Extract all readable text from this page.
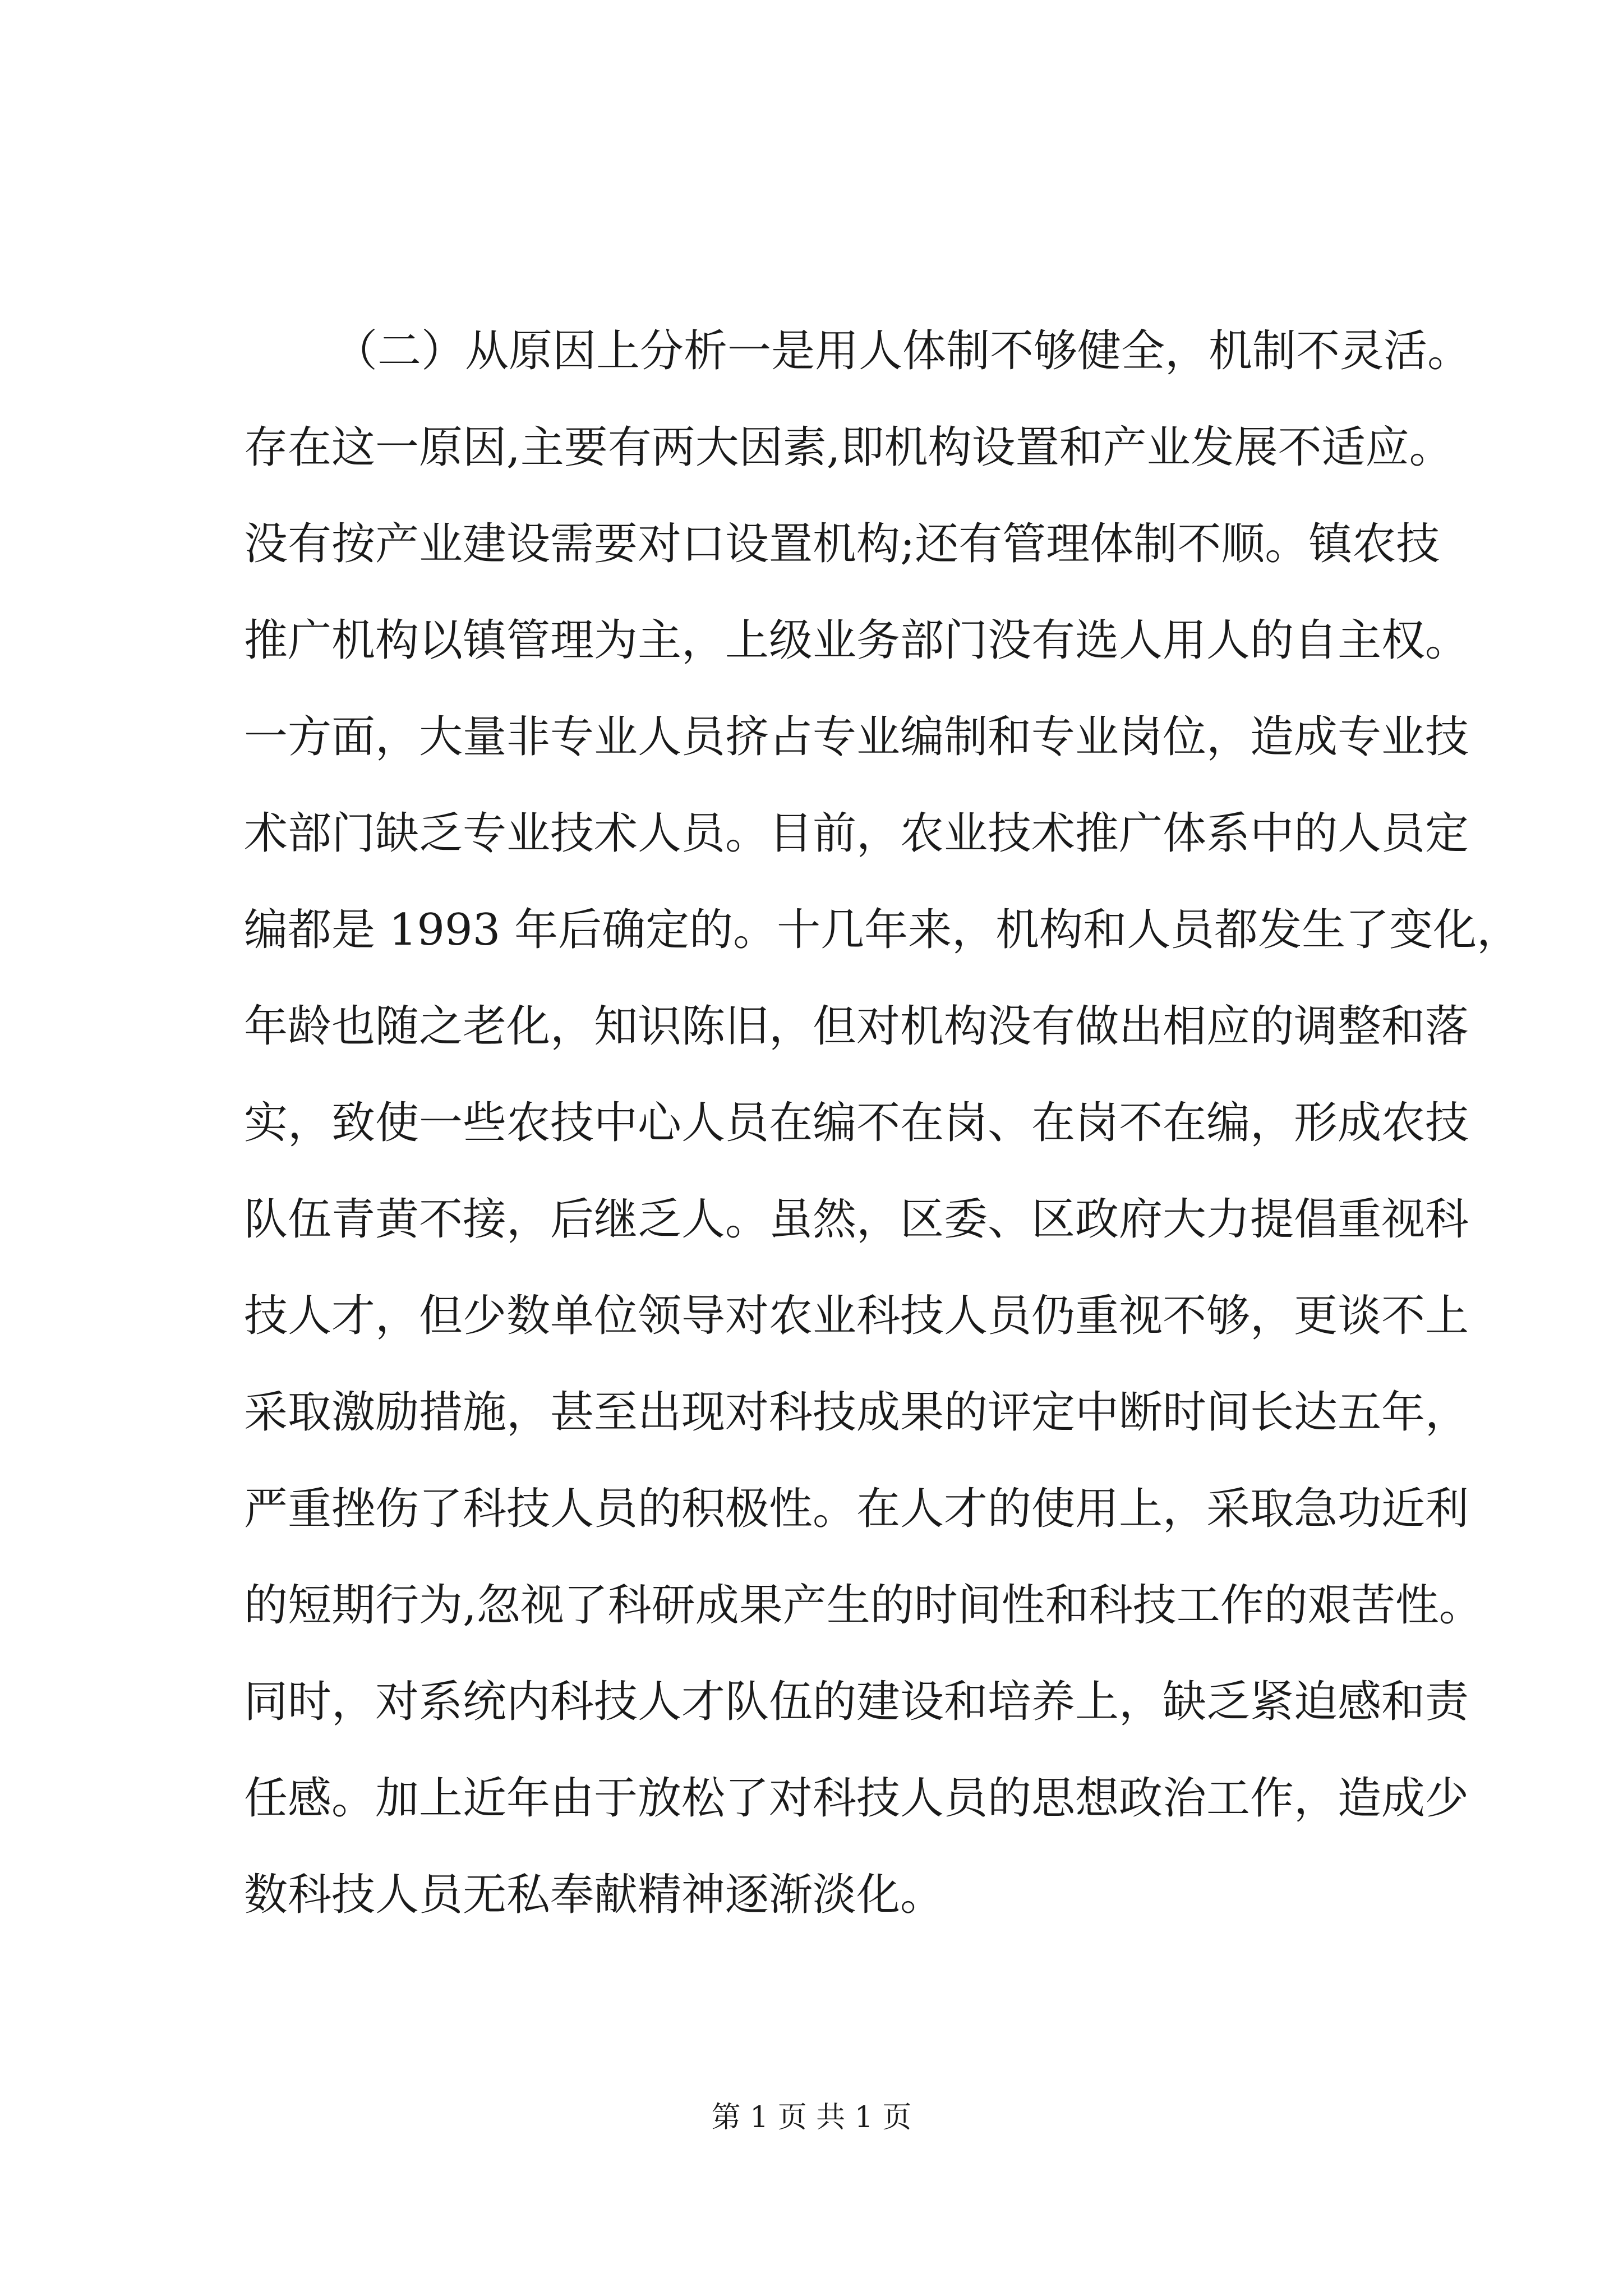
（二）从原因上分析一是用人体制不够健全，机制不灵活。
存在这一原因,主要有两大因素,即机构设置和产业发展不适应。
没有按产业建设需要对口设置机构;还有管理体制不顺。镇农技
推广机构以镇管理为主，上级业务部门没有选人用人的自主权。
一方面，大量非专业人员挤占专业编制和专业岗位，造成专业技
术部门缺乏专业技术人员。目前，农业技术推广体系中的人员定
编都是 1993 年后确定的。十几年来，机构和人员都发生了变化，
年龄也随之老化，知识陈旧，但对机构没有做出相应的调整和落
实，致使一些农技中心人员在编不在岗、在岗不在编，形成农技
队伍青黄不接，后继乏人。虽然，区委、区政府大力提倡重视科
技人才，但少数单位领导对农业科技人员仍重视不够，更谈不上
采取激励措施，甚至出现对科技成果的评定中断时间长达五年，
严重挫伤了科技人员的积极性。在人才的使用上，采取急功近利
的短期行为,忽视了科研成果产生的时间性和科技工作的艰苦性。
同时，对系统内科技人才队伍的建设和培养上，缺乏紧迫感和责
任感。加上近年由于放松了对科技人员的思想政治工作，造成少
数科技人员无私奉献精神逐渐淡化。
第 1 页 共 1 页
